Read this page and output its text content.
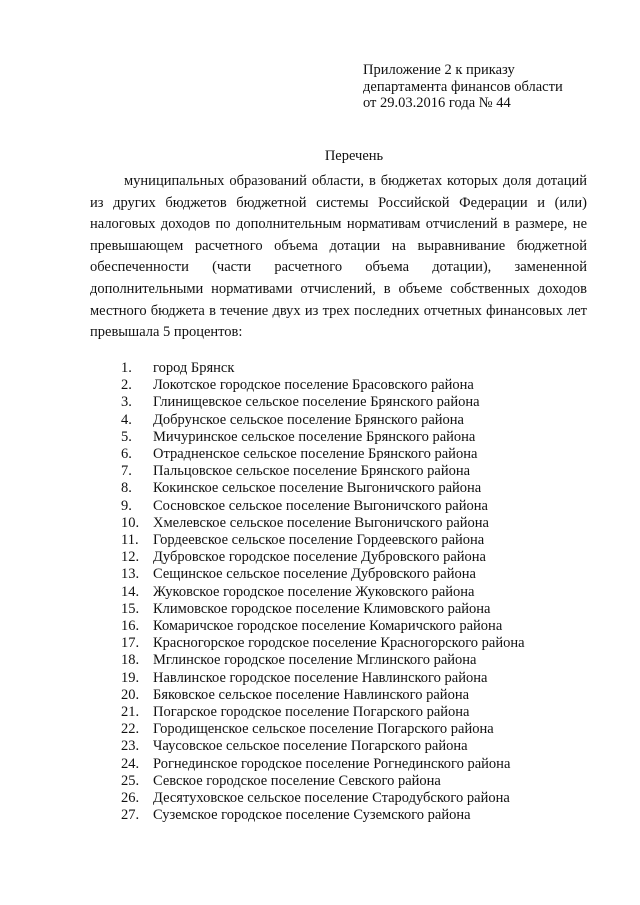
Приложение 2 к приказу
департамента финансов области
от 29.03.2016 года № 44
Перечень
муниципальных образований области, в бюджетах которых доля дотаций из других бюджетов бюджетной системы Российской Федерации и (или) налоговых доходов по дополнительным нормативам отчислений в размере, не превышающем расчетного объема дотации на выравнивание бюджетной обеспеченности (части расчетного объема дотации), замененной дополнительными нормативами отчислений, в объеме собственных доходов местного бюджета в течение двух из трех последних отчетных финансовых лет превышала 5 процентов:
1.	город Брянск
2.	Локотское городское поселение Брасовского района
3.	Глинищевское сельское поселение Брянского района
4.	Добрунское сельское поселение Брянского района
5.	Мичуринское сельское поселение Брянского района
6.	Отрадненское сельское поселение Брянского района
7.	Пальцовское сельское поселение Брянского района
8.	Кокинское сельское поселение Выгоничского района
9.	Сосновское сельское поселение Выгоничского района
10. Хмелевское сельское поселение Выгоничского района
11. Гордеевское сельское поселение Гордеевского района
12. Дубровское городское поселение Дубровского района
13. Сещинское сельское поселение Дубровского района
14. Жуковское городское поселение Жуковского района
15. Климовское городское поселение Климовского района
16. Комаричское городское поселение Комаричского района
17. Красногорское городское поселение Красногорского района
18. Мглинское городское поселение Мглинского района
19. Навлинское городское поселение Навлинского района
20. Бяковское сельское поселение Навлинского района
21. Погарское городское поселение Погарского района
22. Городищенское сельское поселение Погарского района
23. Чаусовское сельское поселение Погарского района
24. Рогнединское городское поселение Рогнединского района
25. Севское городское поселение Севского района
26. Десятуховское сельское поселение Стародубского района
27. Суземское городское поселение Суземского района
